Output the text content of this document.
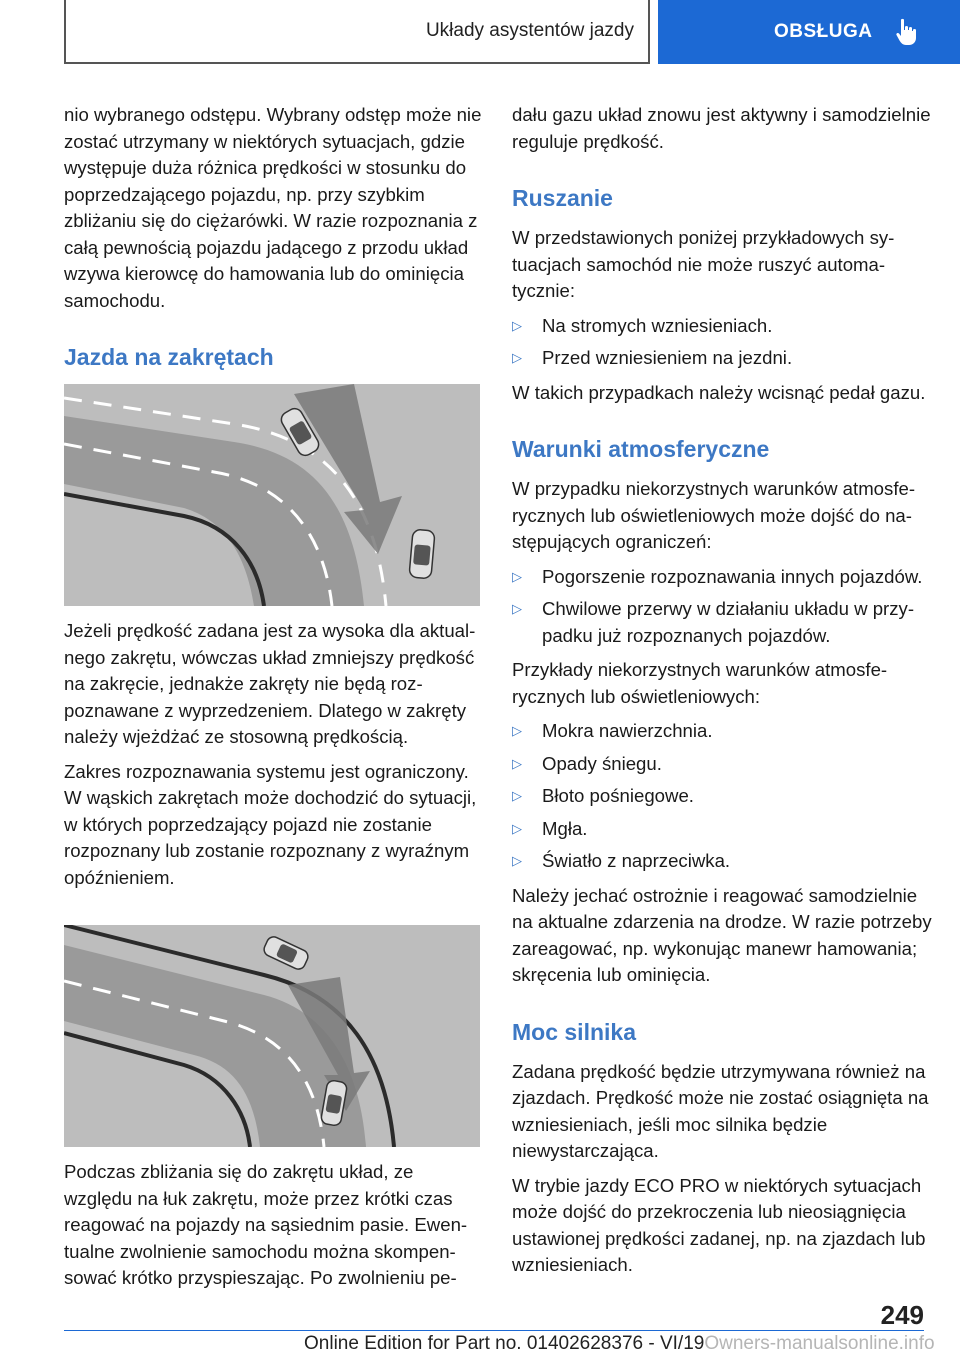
Układy asystentów jazdy	OBSŁUGA

nio wybranego odstępu. Wybrany odstęp może nie zostać utrzymany w niektórych sytuacjach, gdzie występuje duża różnica prędkości w stosunku do poprzedzającego pojazdu, np. przy szybkim zbliżaniu się do ciężarówki. W razie rozpoznania z całą pewnością pojazdu jadącego z przodu układ wzywa kierowcę do hamowania lub do ominięcia samochodu.

Jazda na zakrętach

Jeżeli prędkość zadana jest za wysoka dla aktualnego zakrętu, wówczas układ zmniejszy prędkość na zakręcie, jednakże zakręty nie będą rozpoznawane z wyprzedzeniem. Dlatego w zakręty należy wjeżdżać ze stosowną prędkością.

Zakres rozpoznawania systemu jest ograniczony. W wąskich zakrętach może dochodzić do sytuacji, w których poprzedzający pojazd nie zostanie rozpoznany lub zostanie rozpoznany z wyraźnym opóźnieniem.

Podczas zbliżania się do zakrętu układ, ze względu na łuk zakrętu, może przez krótki czas reagować na pojazdy na sąsiednim pasie. Ewentualne zwolnienie samochodu można skompensować krótko przyspieszając. Po zwolnieniu pe-

dału gazu układ znowu jest aktywny i samodzielnie reguluje prędkość.

Ruszanie

W przedstawionych poniżej przykładowych sytuacjach samochód nie może ruszyć automatycznie:

▷ Na stromych wzniesieniach.
▷ Przed wzniesieniem na jezdni.

W takich przypadkach należy wcisnąć pedał gazu.

Warunki atmosferyczne

W przypadku niekorzystnych warunków atmosferycznych lub oświetleniowych może dojść do następujących ograniczeń:

▷ Pogorszenie rozpoznawania innych pojazdów.
▷ Chwilowe przerwy w działaniu układu w przypadku już rozpoznanych pojazdów.

Przykłady niekorzystnych warunków atmosferycznych lub oświetleniowych:

▷ Mokra nawierzchnia.
▷ Opady śniegu.
▷ Błoto pośniegowe.
▷ Mgła.
▷ Światło z naprzeciwka.

Należy jechać ostrożnie i reagować samodzielnie na aktualne zdarzenia na drodze. W razie potrzeby zareagować, np. wykonując manewr hamowania; skręcenia lub ominięcia.

Moc silnika

Zadana prędkość będzie utrzymywana również na zjazdach. Prędkość może nie zostać osiągnięta na wzniesieniach, jeśli moc silnika będzie niewystarczająca.

W trybie jazdy ECO PRO w niektórych sytuacjach może dojść do przekroczenia lub nieosiągnięcia ustawionej prędkości zadanej, np. na zjazdach lub wzniesieniach.

249
Online Edition for Part no. 01402628376 - VI/19Owners-manualsonline.info
